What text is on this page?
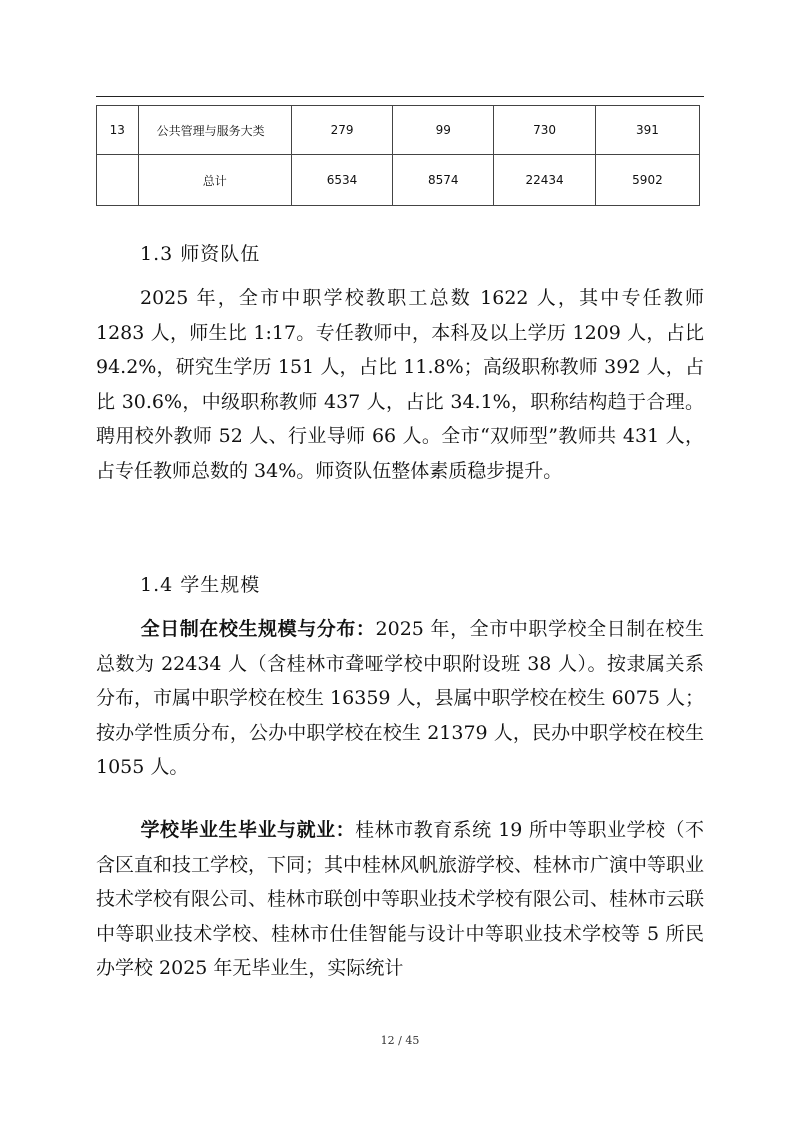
13	公共管理与服务大类	279	99	730	391
	总计	6534	8574	22434	5902
1.3 师资队伍

2025 年，全市中职学校教职工总数 1622 人，其中专任教师 1283 人，师生比 1:17。专任教师中，本科及以上学历 1209 人，占比 94.2%，研究生学历 151 人，占比 11.8%；高级职称教师 392 人，占比 30.6%，中级职称教师 437 人，占比 34.1%，职称结构趋于合理。聘用校外教师 52 人、行业导师 66 人。全市“双师型”教师共 431 人，占专任教师总数的 34%。师资队伍整体素质稳步提升。

1.4 学生规模

全日制在校生规模与分布：2025 年，全市中职学校全日制在校生总数为 22434 人（含桂林市聋哑学校中职附设班 38 人）。按隶属关系分布，市属中职学校在校生 16359 人，县属中职学校在校生 6075 人；按办学性质分布，公办中职学校在校生 21379 人，民办中职学校在校生 1055 人。

学校毕业生毕业与就业：桂林市教育系统 19 所中等职业学校（不含区直和技工学校，下同；其中桂林风帆旅游学校、桂林市广演中等职业技术学校有限公司、桂林市联创中等职业技术学校有限公司、桂林市云联中等职业技术学校、桂林市仕佳智能与设计中等职业技术学校等 5 所民办学校 2025 年无毕业生，实际统计

12 / 45
